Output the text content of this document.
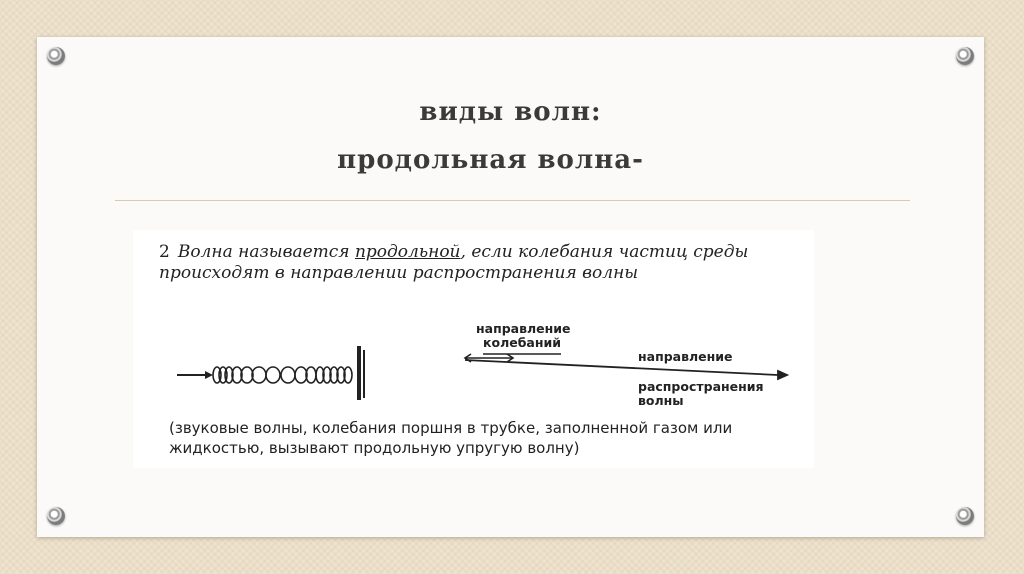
виды волн:
продольная волна-
2 Волна называется продольной, если колебания частиц среды происходят в направлении распространения волны
направление
колебаний
направление
распространения
волны
(звуковые волны, колебания поршня в трубке, заполненной газом или жидкостью, вызывают продольную упругую волну)
